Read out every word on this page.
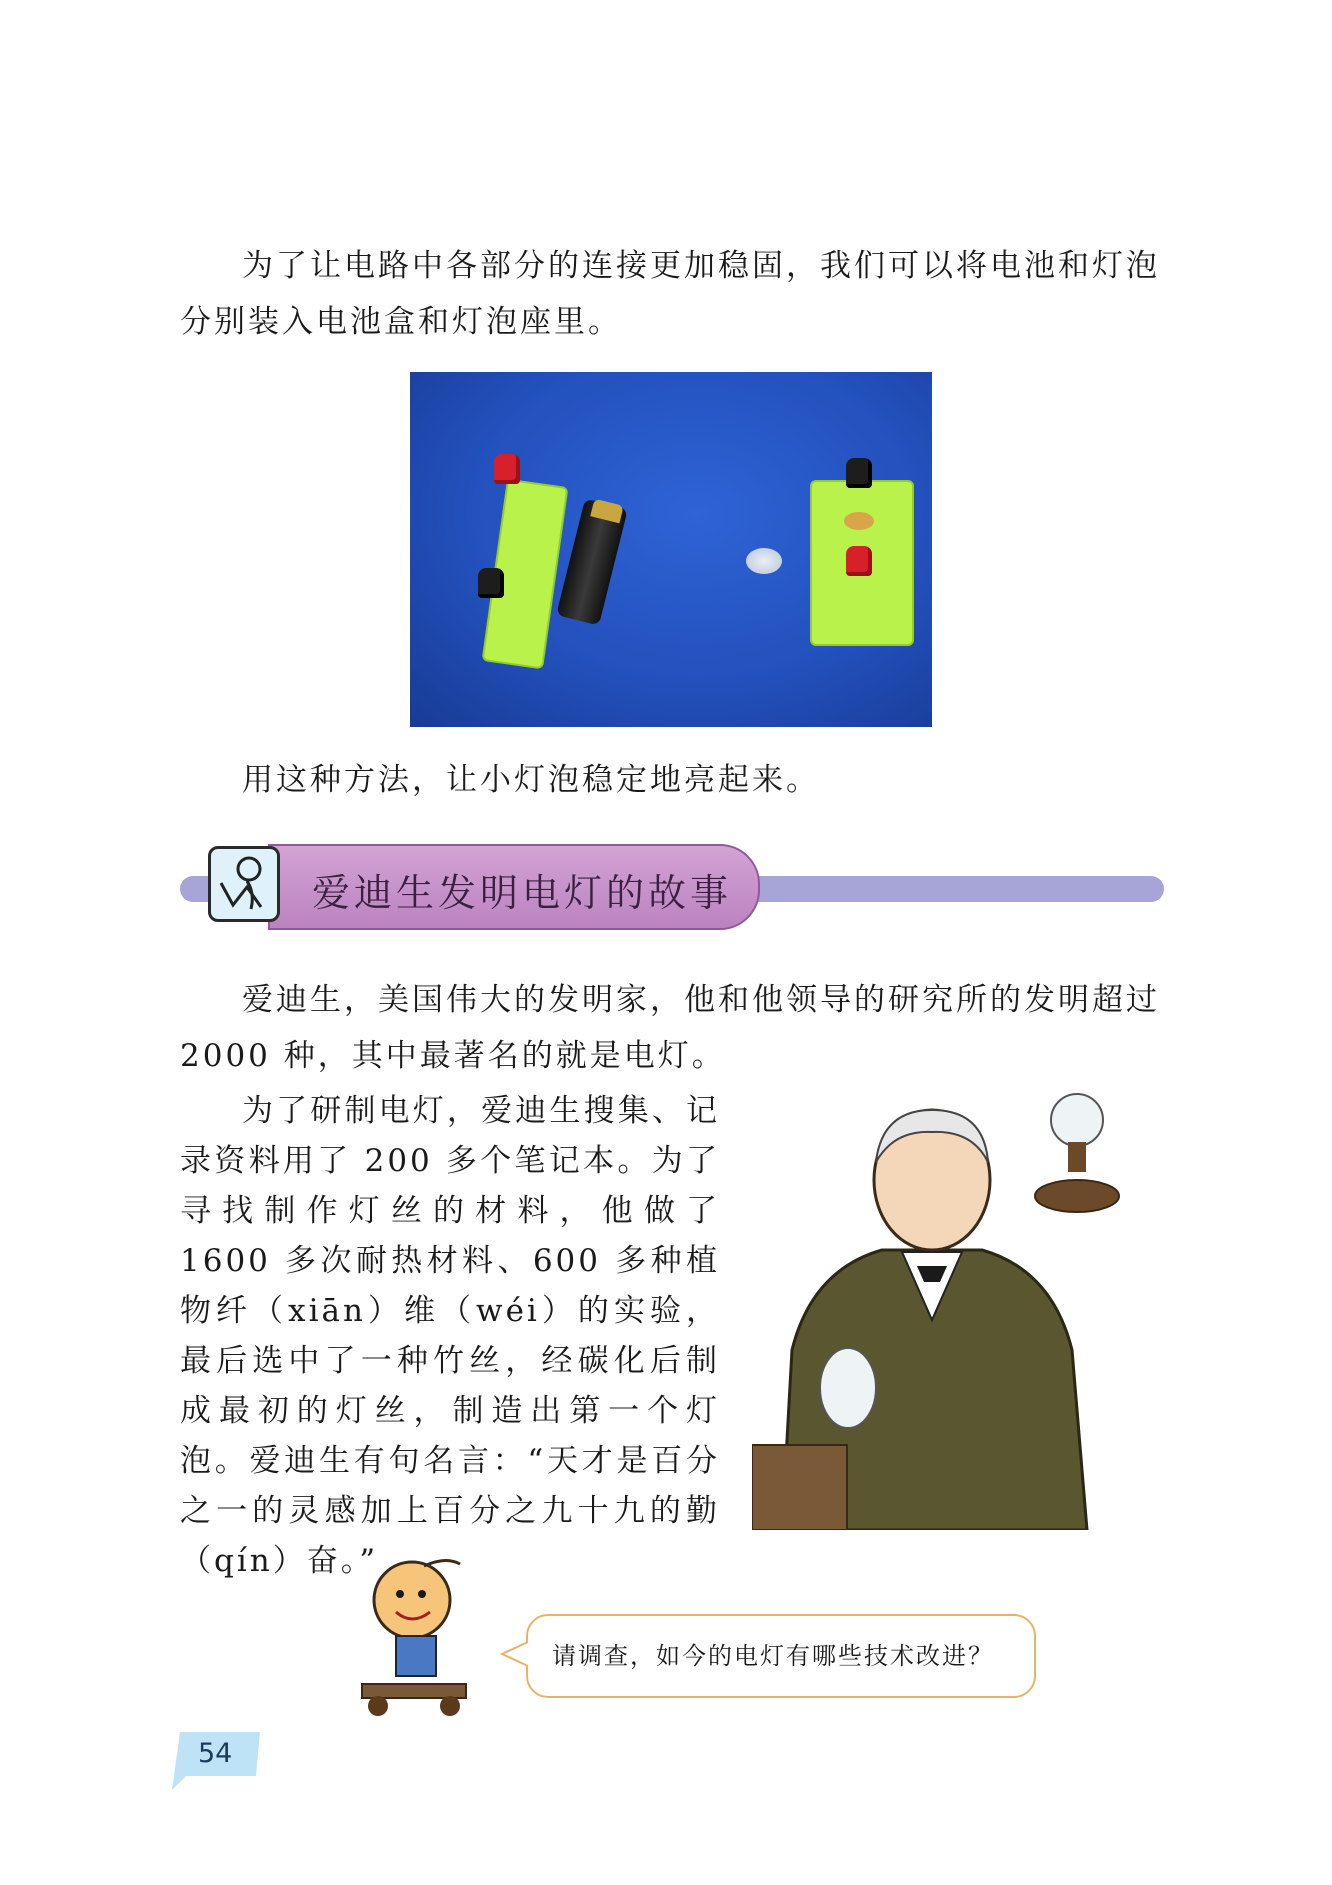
为了让电路中各部分的连接更加稳固，我们可以将电池和灯泡分别装入电池盒和灯泡座里。

用这种方法，让小灯泡稳定地亮起来。

爱迪生发明电灯的故事

爱迪生，美国伟大的发明家，他和他领导的研究所的发明超过 2000 种，其中最著名的就是电灯。

为了研制电灯，爱迪生搜集、记录资料用了 200 多个笔记本。为了寻找制作灯丝的材料，他做了 1600 多次耐热材料、600 多种植物纤（xiān）维（wéi）的实验，最后选中了一种竹丝，经碳化后制成最初的灯丝，制造出第一个灯泡。爱迪生有句名言：“天才是百分之一的灵感加上百分之九十九的勤（qín）奋。”

请调查，如今的电灯有哪些技术改进？
54
